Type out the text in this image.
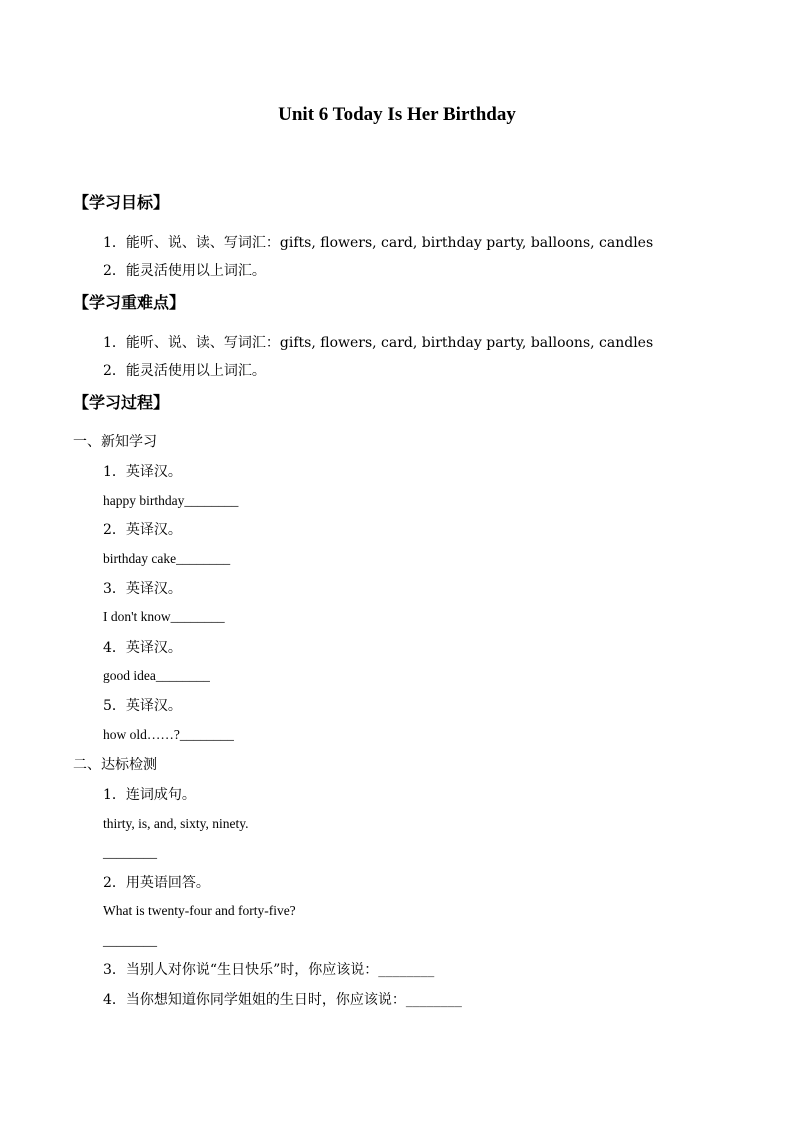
Unit 6 Today Is Her Birthday
【学习目标】
1．能听、说、读、写词汇：gifts, flowers, card, birthday party, balloons, candles
2．能灵活使用以上词汇。
【学习重难点】
1．能听、说、读、写词汇：gifts, flowers, card, birthday party, balloons, candles
2．能灵活使用以上词汇。
【学习过程】
一、新知学习
1．英译汉。
happy birthday________
2．英译汉。
birthday cake________
3．英译汉。
I don't know________
4．英译汉。
good idea________
5．英译汉。
how old……?________
二、达标检测
1．连词成句。
thirty, is, and, sixty, ninety.
________
2．用英语回答。
What is twenty-four and forty-five?
________
3．当别人对你说“生日快乐”时，你应该说：________
4．当你想知道你同学姐姐的生日时，你应该说：________
